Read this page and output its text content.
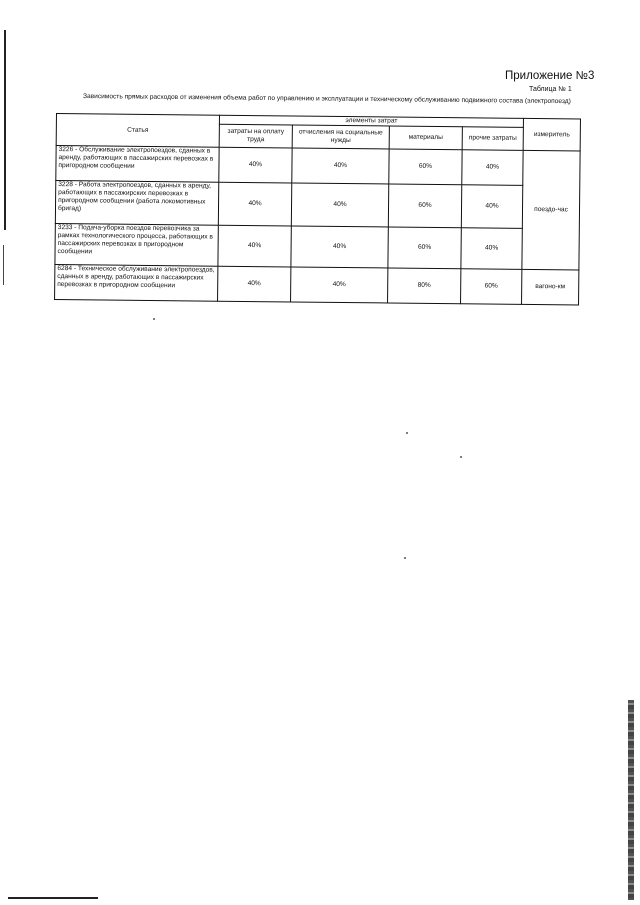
Приложение №3
Таблица № 1
Зависимость прямых расходов от изменения объема работ по управлению и эксплуатации и техническому обслуживанию подвижного состава (электропоезд)
Статья	элементы затрат				измеритель
	затраты на оплату труда	отчисления на социальные нужды	материалы	прочие затраты	
3226 - Обслуживание электропоездов, сданных в аренду, работающих в пассажирских перевозках в пригородном сообщении	40%	40%	60%	40%	поездо-час
3228 - Работа электропоездов, сданных в аренду, работающих в пассажирских перевозках в пригородном сообщении (работа локомотивных бригад)	40%	40%	60%	40%	
3233 - Подача-уборка поездов перевозчика за рамках технологического процесса, работающих в пассажирских перевозках в пригородном сообщении	40%	40%	60%	40%	
6284 - Техническое обслуживание электропоездов, сданных в аренду, работающих в пассажирских перевозках в пригородном сообщении	40%	40%	80%	60%	вагоно-км
